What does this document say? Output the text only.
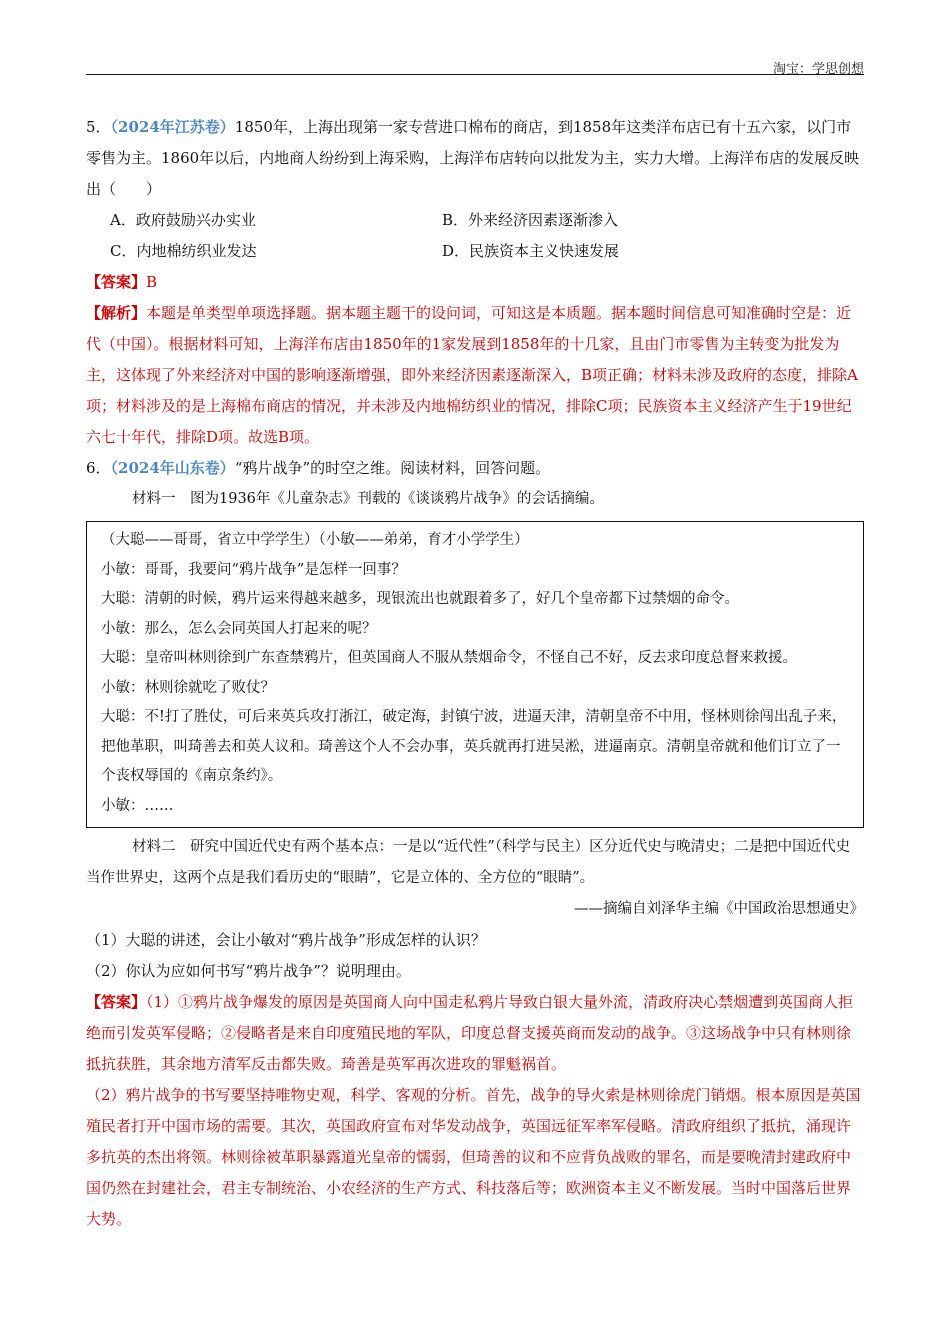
淘宝：学思创想

5．（2024年江苏卷）1850年，上海出现第一家专营进口棉布的商店，到1858年这类洋布店已有十五六家，以门市零售为主。1860年以后，内地商人纷纷到上海采购，上海洋布店转向以批发为主，实力大增。上海洋布店的发展反映出（　　）

A．政府鼓励兴办实业	B．外来经济因素逐渐渗入
C．内地棉纺织业发达	D．民族资本主义快速发展

【答案】B

【解析】本题是单类型单项选择题。据本题主题干的设问词，可知这是本质题。据本题时间信息可知准确时空是：近代（中国）。根据材料可知，上海洋布店由1850年的1家发展到1858年的十几家，且由门市零售为主转变为批发为主，这体现了外来经济对中国的影响逐渐增强，即外来经济因素逐渐深入，B项正确；材料未涉及政府的态度，排除A项；材料涉及的是上海棉布商店的情况，并未涉及内地棉纺织业的情况，排除C项；民族资本主义经济产生于19世纪六七十年代，排除D项。故选B项。

6．（2024年山东卷）“鸦片战争”的时空之维。阅读材料，回答问题。

材料一　图为1936年《儿童杂志》刊载的《谈谈鸦片战争》的会话摘编。

（大聪——哥哥，省立中学学生）（小敏——弟弟，育才小学学生）

小敏：哥哥，我要问“鸦片战争”是怎样一回事？

大聪：清朝的时候，鸦片运来得越来越多，现银流出也就跟着多了，好几个皇帝都下过禁烟的命令。

小敏：那么，怎么会同英国人打起来的呢？

大聪：皇帝叫林则徐到广东查禁鸦片，但英国商人不服从禁烟命令，不怪自己不好，反去求印度总督来救援。

小敏：林则徐就吃了败仗？

大聪：不!打了胜仗，可后来英兵攻打浙江，破定海，封镇宁波，进逼天津，清朝皇帝不中用，怪林则徐闯出乱子来，把他革职，叫琦善去和英人议和。琦善这个人不会办事，英兵就再打进吴淞，进逼南京。清朝皇帝就和他们订立了一个丧权辱国的《南京条约》。

小敏：……

材料二　研究中国近代史有两个基本点：一是以“近代性”（科学与民主）区分近代史与晚清史；二是把中国近代史当作世界史，这两个点是我们看历史的“眼睛”，它是立体的、全方位的“眼睛”。

——摘编自刘泽华主编《中国政治思想通史》

（1）大聪的讲述，会让小敏对“鸦片战争”形成怎样的认识？

（2）你认为应如何书写“鸦片战争”？说明理由。

【答案】（1）①鸦片战争爆发的原因是英国商人向中国走私鸦片导致白银大量外流，清政府决心禁烟遭到英国商人拒绝而引发英军侵略；②侵略者是来自印度殖民地的军队，印度总督支援英商而发动的战争。③这场战争中只有林则徐抵抗获胜，其余地方清军反击都失败。琦善是英军再次进攻的罪魁祸首。

（2）鸦片战争的书写要坚持唯物史观，科学、客观的分析。首先，战争的导火索是林则徐虎门销烟。根本原因是英国殖民者打开中国市场的需要。其次，英国政府宣布对华发动战争，英国远征军率军侵略。清政府组织了抵抗，涌现许多抗英的杰出将领。林则徐被革职暴露道光皇帝的懦弱，但琦善的议和不应背负战败的罪名，而是要晚清封建政府中国仍然在封建社会，君主专制统治、小农经济的生产方式、科技落后等；欧洲资本主义不断发展。当时中国落后世界大势。
